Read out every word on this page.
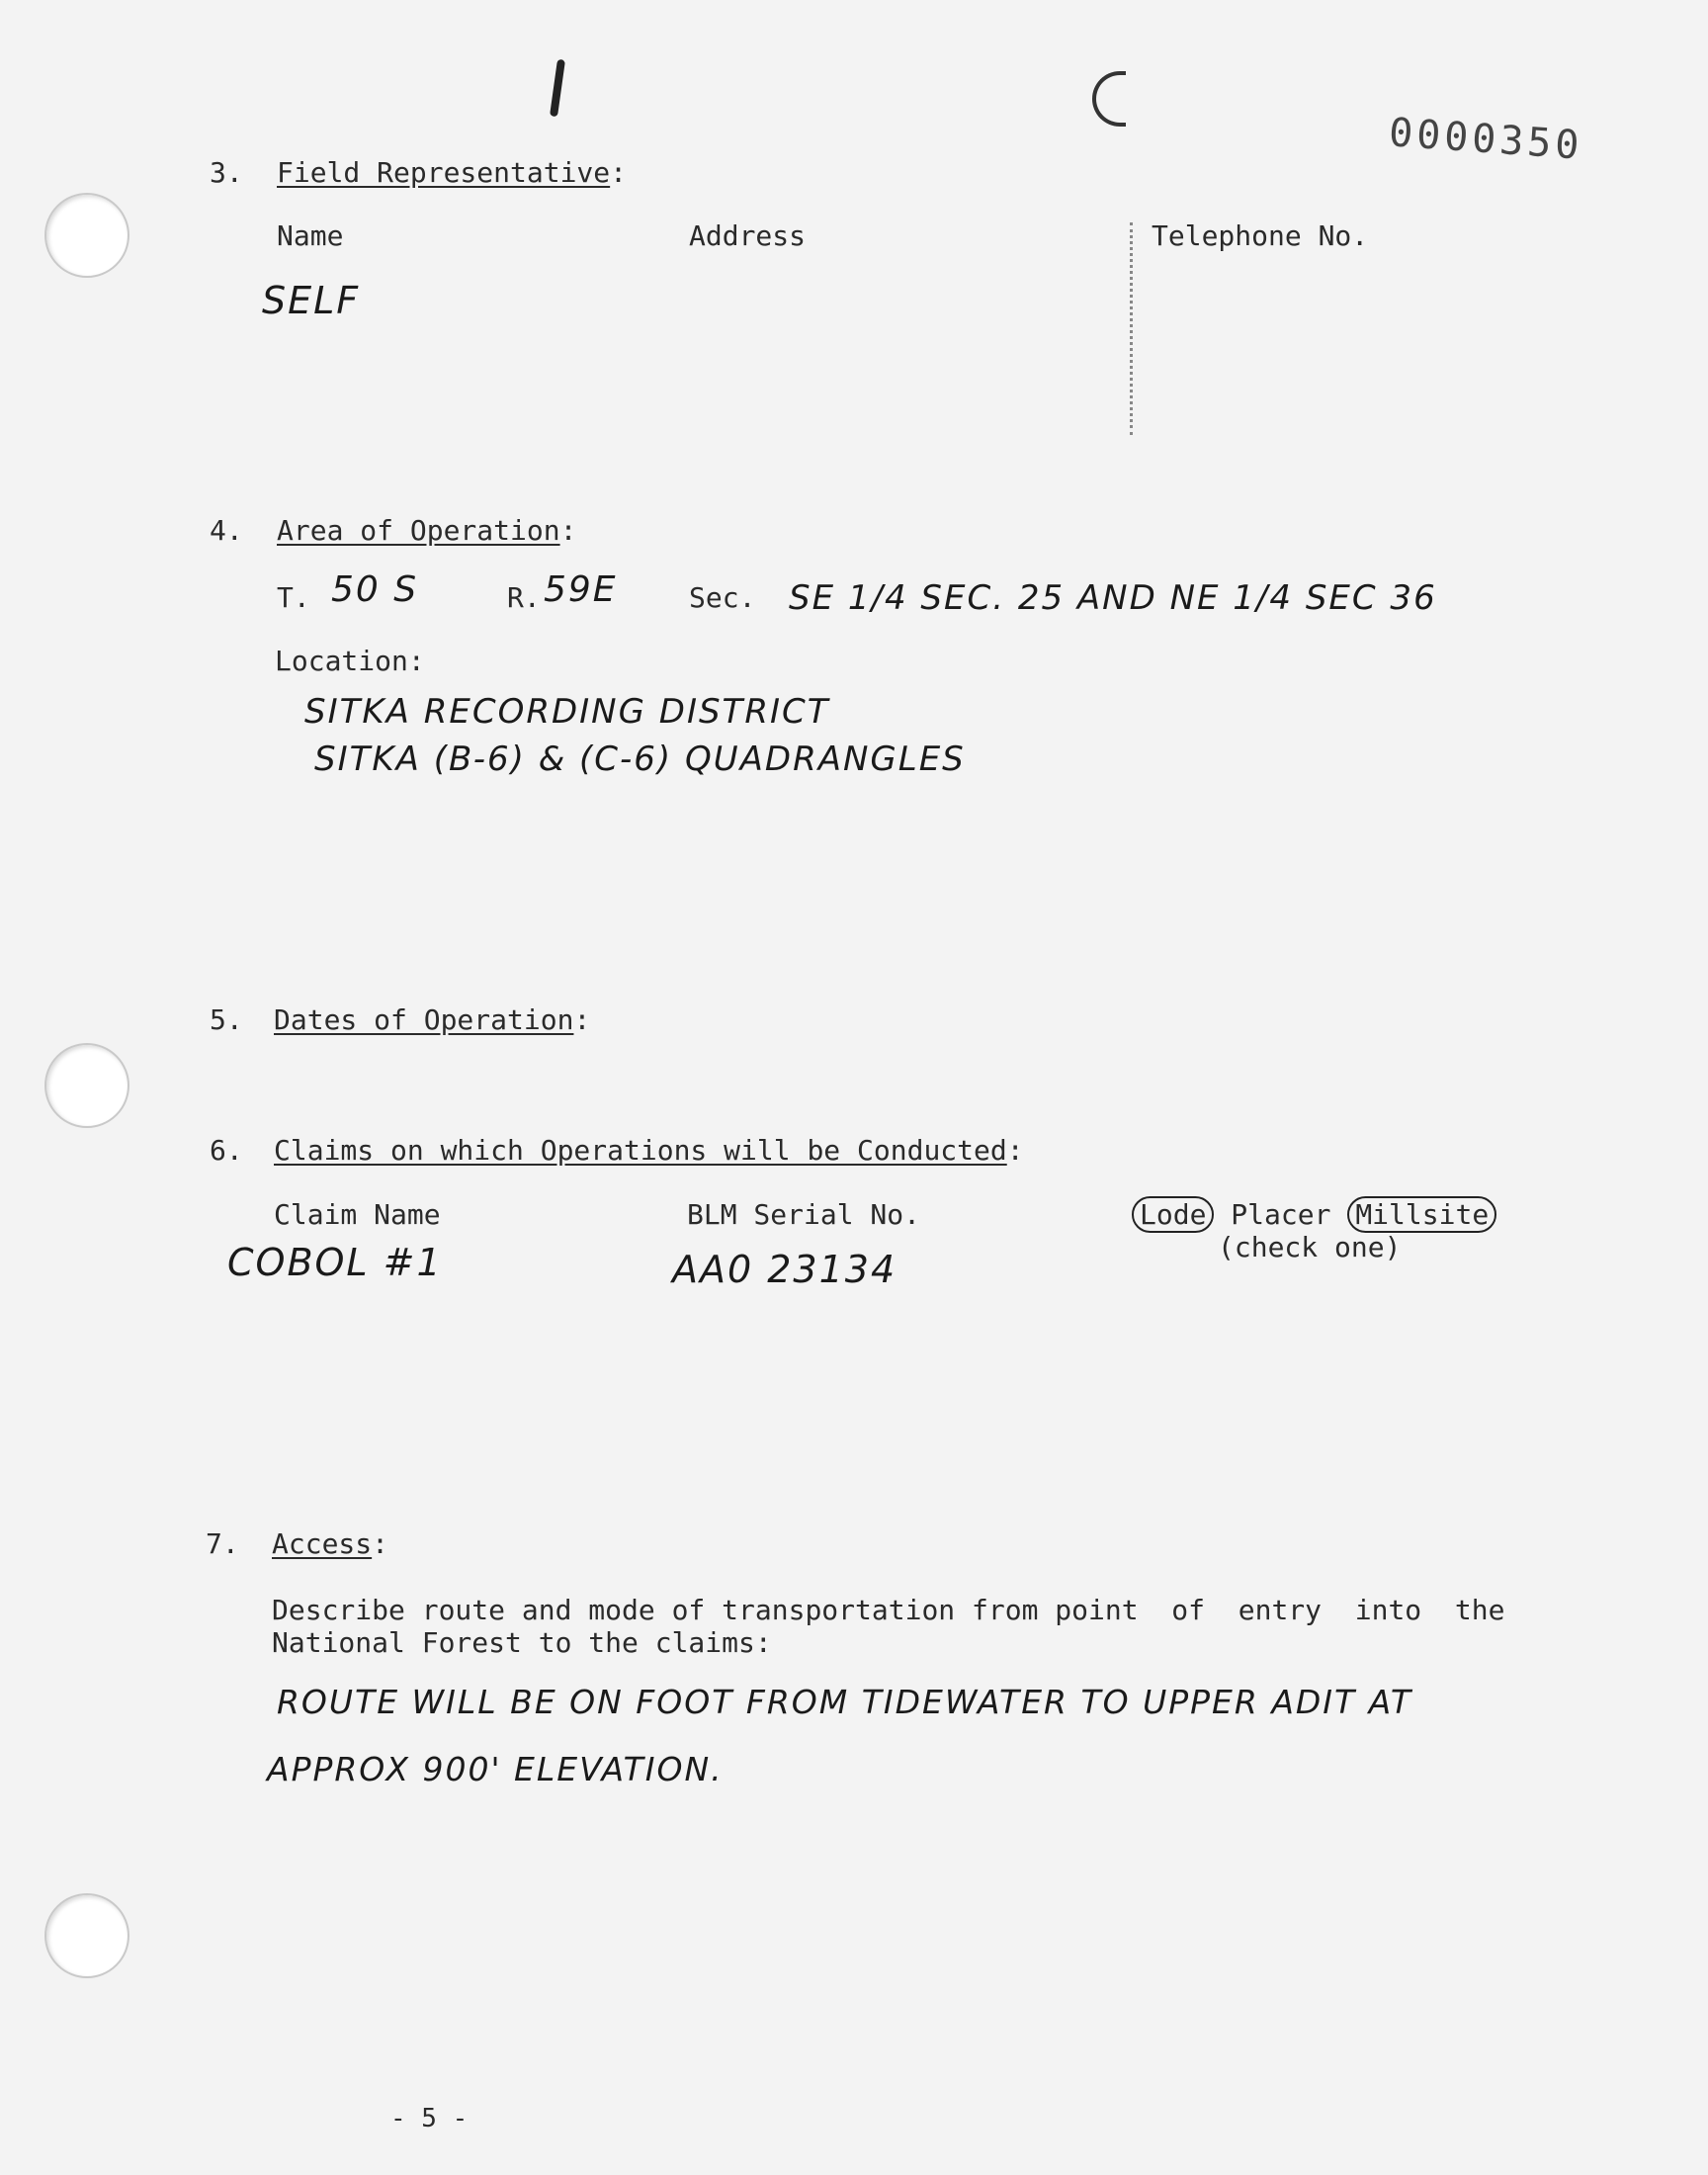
0000350
3. Field Representative:
Name	Address	Telephone No.
SELF
4. Area of Operation:
T. 50 S	R. 59E	Sec. SE 1/4 SEC. 25 AND NE 1/4 SEC 36
Location:
SITKA RECORDING DISTRICT
SITKA (B-6) & (C-6) QUADRANGLES
5. Dates of Operation:
6. Claims on which Operations will be Conducted:
Claim Name	BLM Serial No.	Lode Placer Millsite
(check one)
COBOL #1	AA0 23134
7. Access:
Describe route and mode of transportation from point  of  entry  into  the
National Forest to the claims:
ROUTE WILL BE ON FOOT FROM TIDEWATER TO UPPER ADIT AT
APPROX 900' ELEVATION.
- 5 -
